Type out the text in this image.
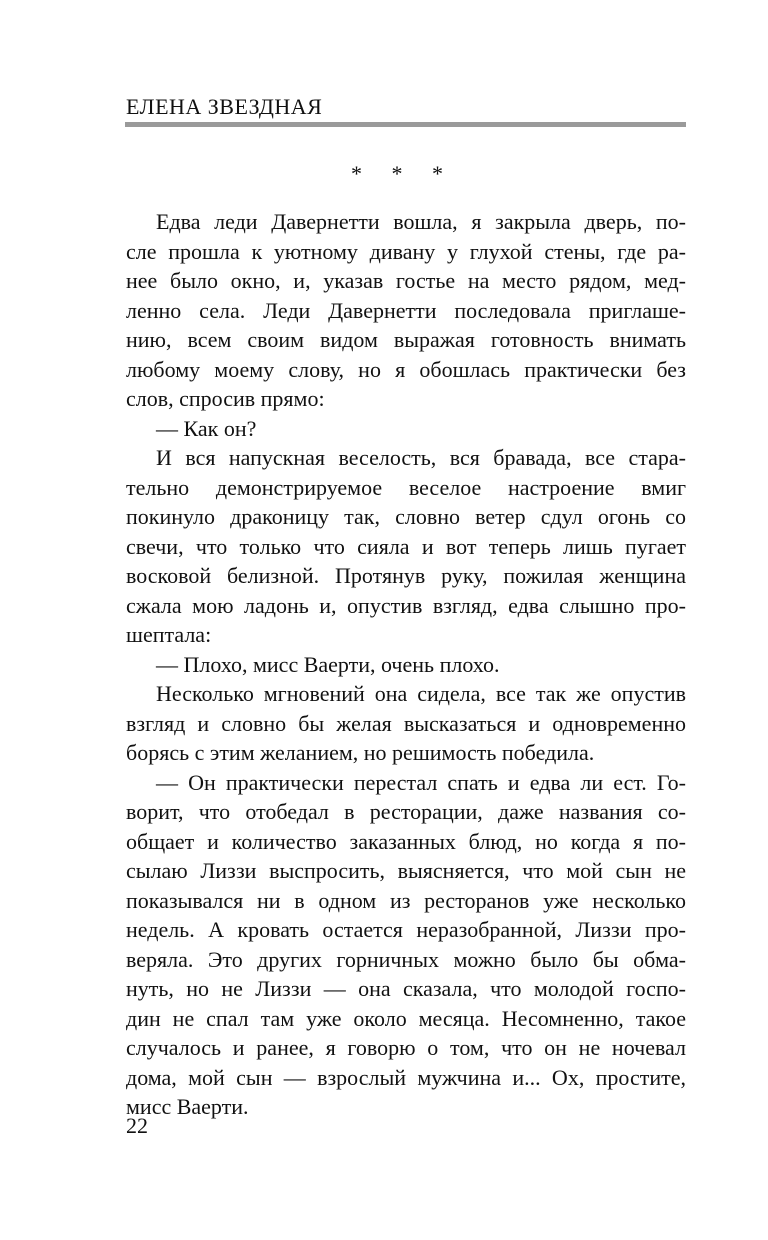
ЕЛЕНА ЗВЕЗДНАЯ
* * *
Едва леди Давернетти вошла, я закрыла дверь, по-
сле прошла к уютному дивану у глухой стены, где ра-
нее было окно, и, указав гостье на место рядом, мед-
ленно села. Леди Давернетти последовала приглаше-
нию, всем своим видом выражая готовность внимать
любому моему слову, но я обошлась практически без
слов, спросив прямо:
— Как он?
И вся напускная веселость, вся бравада, все стара-
тельно демонстрируемое веселое настроение вмиг
покинуло драконицу так, словно ветер сдул огонь со
свечи, что только что сияла и вот теперь лишь пугает
восковой белизной. Протянув руку, пожилая женщина
сжала мою ладонь и, опустив взгляд, едва слышно про-
шептала:
— Плохо, мисс Ваерти, очень плохо.
Несколько мгновений она сидела, все так же опустив
взгляд и словно бы желая высказаться и одновременно
борясь с этим желанием, но решимость победила.
— Он практически перестал спать и едва ли ест. Го-
ворит, что отобедал в ресторации, даже названия со-
общает и количество заказанных блюд, но когда я по-
сылаю Лиззи выспросить, выясняется, что мой сын не
показывался ни в одном из ресторанов уже несколько
недель. А кровать остается неразобранной, Лиззи про-
веряла. Это других горничных можно было бы обма-
нуть, но не Лиззи — она сказала, что молодой госпо-
дин не спал там уже около месяца. Несомненно, такое
случалось и ранее, я говорю о том, что он не ночевал
дома, мой сын — взрослый мужчина и... Ох, простите,
мисс Ваерти.
22
